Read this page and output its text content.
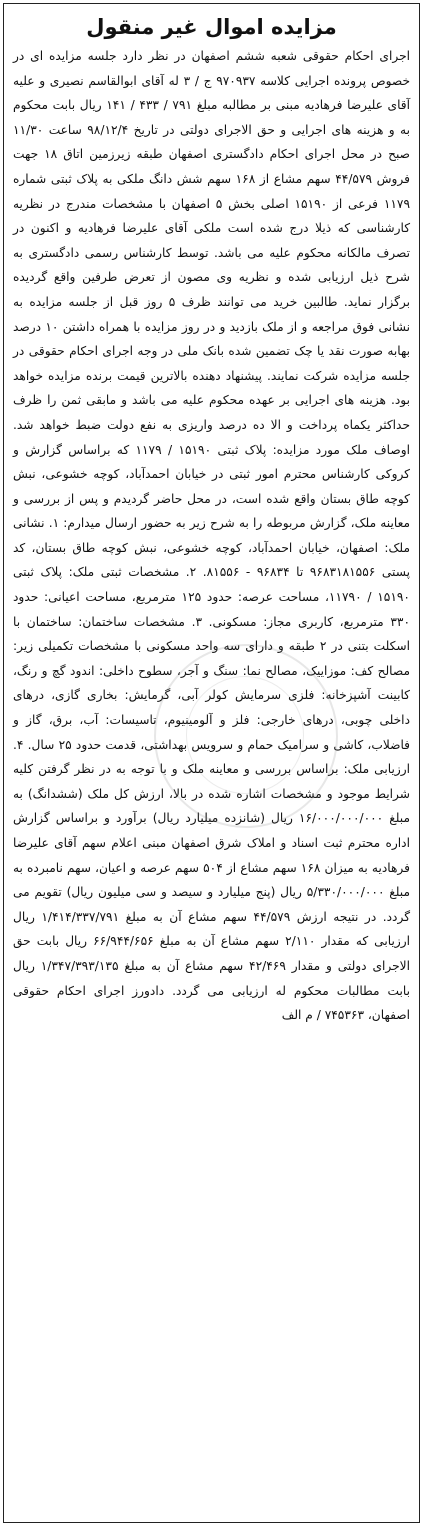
مزایده اموال غیر منقول
اجرای احکام حقوقی شعبه ششم اصفهان در نظر دارد جلسه مزایده ای در خصوص پرونده اجرایی کلاسه ۹۷۰۹۳۷ ج / ۳ له آقای ابوالقاسم نصیری و علیه آقای علیرضا فرهادیه مبنی بر مطالبه مبلغ ۷۹۱ / ۴۳۳ / ۱۴۱ ریال بابت محکوم به و هزینه های اجرایی و حق الاجرای دولتی در تاریخ ۹۸/۱۲/۴ ساعت ۱۱/۳۰ صبح در محل اجرای احکام دادگستری اصفهان طبقه زیرزمین اتاق ۱۸ جهت فروش ۴۴/۵۷۹ سهم مشاع از ۱۶۸ سهم شش دانگ ملکی به پلاک ثبتی شماره ۱۱۷۹ فرعی از ۱۵۱۹۰ اصلی بخش ۵ اصفهان با مشخصات مندرج در نظریه کارشناسی که ذیلا درج شده است ملکی آقای علیرضا فرهادیه و اکنون در تصرف مالکانه محکوم علیه می باشد. توسط کارشناس رسمی دادگستری به شرح ذیل ارزیابی شده و نظریه وی مصون از تعرض طرفین واقع گردیده برگزار نماید. طالبین خرید می توانند ظرف ۵ روز قبل از جلسه مزایده به نشانی فوق مراجعه و از ملک بازدید و در روز مزایده با همراه داشتن ۱۰ درصد بهابه صورت نقد یا چک تضمین شده بانک ملی در وجه اجرای احکام حقوقی در جلسه مزایده شرکت نمایند. پیشنهاد دهنده بالاترین قیمت برنده مزایده خواهد بود. هزینه های اجرایی بر عهده محکوم علیه می باشد و مابقی ثمن را ظرف حداکثر یکماه پرداخت و الا ده درصد واریزی به نفع دولت ضبط خواهد شد. اوصاف ملک مورد مزایده: پلاک ثبتی ۱۵۱۹۰ / ۱۱۷۹ که براساس گزارش و کروکی کارشناس محترم امور ثبتی در خیابان احمدآباد، کوچه خشوعی، نبش کوچه طاق بستان واقع شده است، در محل حاضر گردیدم و پس از بررسی و معاینه ملک، گزارش مربوطه را به شرح زیر به حضور ارسال میدارم: ۱. نشانی ملک: اصفهان، خیابان احمدآباد، کوچه خشوعی، نبش کوچه طاق بستان، کد پستی ۹۶۸۳۱۸۱۵۵۶ تا ۹۶۸۳۴ - ۸۱۵۵۶. ۲. مشخصات ثبتی ملک: پلاک ثبتی ۱۵۱۹۰ / ۱۱۷۹۰، مساحت عرصه: حدود ۱۲۵ مترمربع، مساحت اعیانی: حدود ۳۳۰ مترمربع، کاربری مجاز: مسکونی. ۳. مشخصات ساختمان: ساختمان با اسکلت بتنی در ۲ طبقه و دارای سه واحد مسکونی با مشخصات تکمیلی زیر: مصالح کف: موزاییک، مصالح نما: سنگ و آجر، سطوح داخلی: اندود گچ و رنگ، کابینت آشپزخانه: فلزی سرمایش کولر آبی، گرمایش: بخاری گازی، درهای داخلی چوبی، درهای خارجی: فلز و آلومینیوم، تاسیسات: آب، برق، گاز و فاضلاب، کاشی و سرامیک حمام و سرویس بهداشتی، قدمت حدود ۲۵ سال. ۴. ارزیابی ملک: براساس بررسی و معاینه ملک و با توجه به در نظر گرفتن کلیه شرایط موجود و مشخصات اشاره شده در بالا، ارزش کل ملک (ششدانگ) به مبلغ ۱۶/۰۰۰/۰۰۰/۰۰۰ ریال (شانزده میلیارد ریال) برآورد و براساس گزارش اداره محترم ثبت اسناد و املاک شرق اصفهان مبنی اعلام سهم آقای علیرضا فرهادیه به میزان ۱۶۸ سهم مشاع از ۵۰۴ سهم عرصه و اعیان، سهم نامبرده به مبلغ ۵/۳۳۰/۰۰۰/۰۰۰ ریال (پنج میلیارد و سیصد و سی میلیون ریال) تقویم می گردد. در نتیجه ارزش ۴۴/۵۷۹ سهم مشاع آن به مبلغ ۱/۴۱۴/۳۳۷/۷۹۱ ریال ارزیابی که مقدار ۲/۱۱۰ سهم مشاع آن به مبلغ ۶۶/۹۴۴/۶۵۶ ریال بابت حق الاجرای دولتی و مقدار ۴۲/۴۶۹ سهم مشاع آن به مبلغ ۱/۳۴۷/۳۹۳/۱۳۵ ریال بابت مطالبات محکوم له ارزیابی می گردد. دادورز اجرای احکام حقوقی اصفهان، ۷۴۵۳۶۳ / م الف
